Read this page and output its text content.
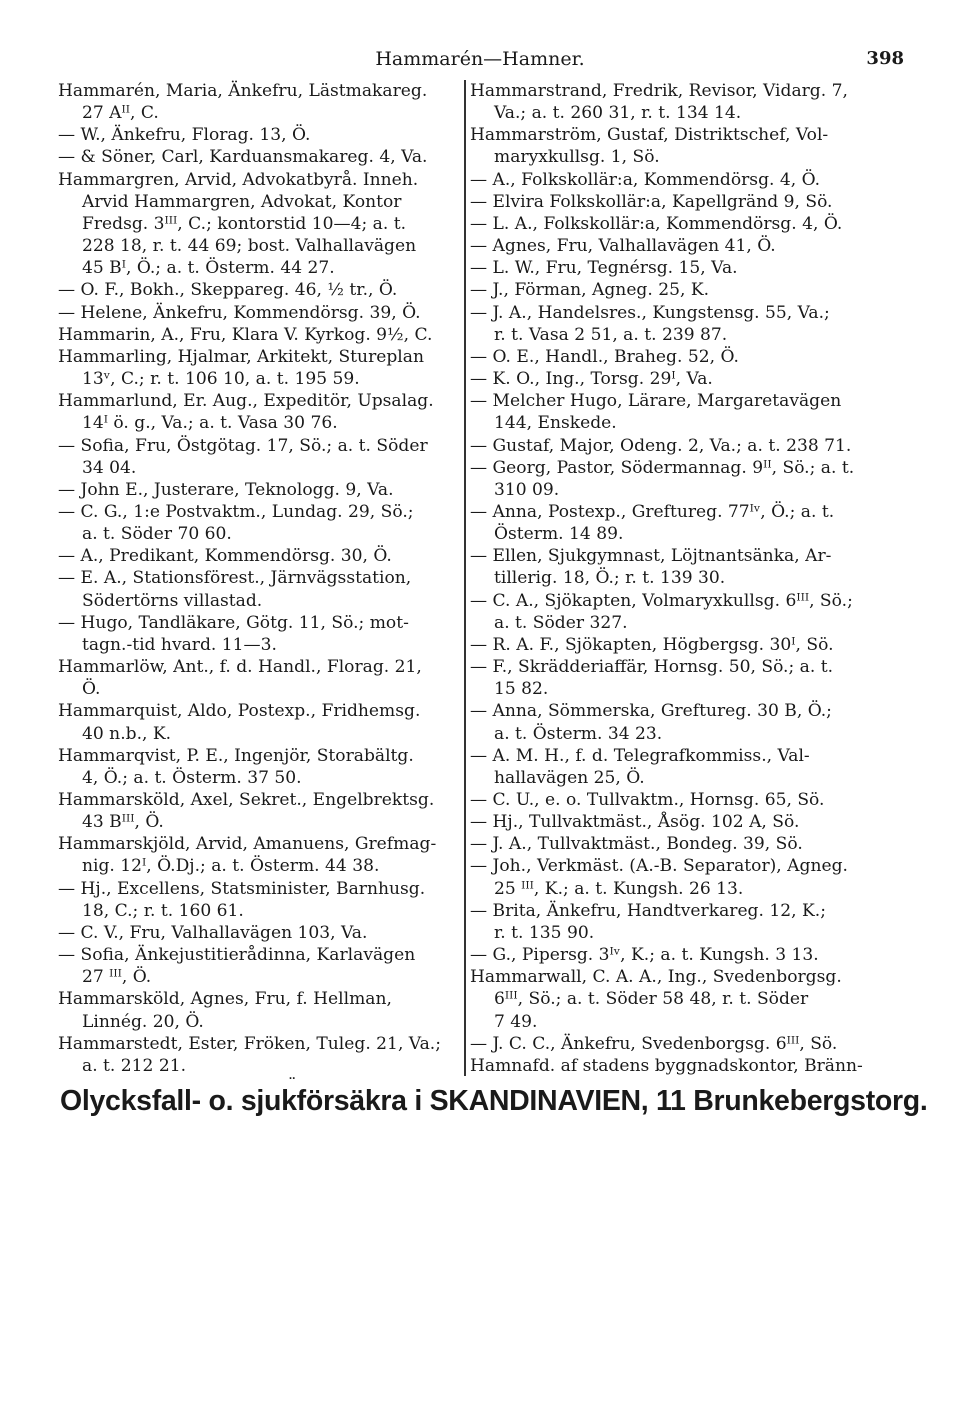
Hammarén—Hamner.	398
Hammarén, Maria, Änkefru, Lästmakareg.
27 Aᴵᴵ, C.
— W., Änkefru, Florag. 13, Ö.
— & Söner, Carl, Karduansmakareg. 4, Va.
Hammargren, Arvid, Advokatbyrå. Inneh.
Arvid Hammargren, Advokat, Kontor
Fredsg. 3ᴵᴵᴵ, C.; kontorstid 10—4; a. t.
228 18, r. t. 44 69; bost. Valhallavägen
45 Bᴵ, Ö.; a. t. Österm. 44 27.
— O. F., Bokh., Skeppareg. 46, ½ tr., Ö.
— Helene, Änkefru, Kommendörsg. 39, Ö.
Hammarin, A., Fru, Klara V. Kyrkog. 9½, C.
Hammarling, Hjalmar, Arkitekt, Stureplan
13ᵛ, C.; r. t. 106 10, a. t. 195 59.
Hammarlund, Er. Aug., Expeditör, Upsalag.
14ᴵ ö. g., Va.; a. t. Vasa 30 76.
— Sofia, Fru, Östgötag. 17, Sö.; a. t. Söder
34 04.
— John E., Justerare, Teknologg. 9, Va.
— C. G., 1:e Postvaktm., Lundag. 29, Sö.;
a. t. Söder 70 60.
— A., Predikant, Kommendörsg. 30, Ö.
— E. A., Stationsförest., Järnvägsstation,
Södertörns villastad.
— Hugo, Tandläkare, Götg. 11, Sö.; mot-
tagn.-tid hvard. 11—3.
Hammarlöw, Ant., f. d. Handl., Florag. 21,
Ö.
Hammarquist, Aldo, Postexp., Fridhemsg.
40 n.b., K.
Hammarqvist, P. E., Ingenjör, Storabältg.
4, Ö.; a. t. Österm. 37 50.
Hammarsköld, Axel, Sekret., Engelbrektsg.
43 Bᴵᴵᴵ, Ö.
Hammarskjöld, Arvid, Amanuens, Grefmag-
nig. 12ᴵ, Ö.Dj.; a. t. Österm. 44 38.
— Hj., Excellens, Statsminister, Barnhusg.
18, C.; r. t. 160 61.
— C. V., Fru, Valhallavägen 103, Va.
— Sofia, Änkejustitierådinna, Karlavägen
27 ᴵᴵᴵ, Ö.
Hammarsköld, Agnes, Fru, f. Hellman,
Linnég. 20, Ö.
Hammarstedt, Ester, Fröken, Tuleg. 21, Va.;
a. t. 212 21.
Hammarstrand, Fredrik, Revisor, Vidarg. 7,
Va.; a. t. 260 31, r. t. 134 14.
Hammarström, Gustaf, Distriktschef, Vol-
maryxkullsg. 1, Sö.
— A., Folkskollär:a, Kommendörsg. 4, Ö.
— Elvira Folkskollär:a, Kapellgränd 9, Sö.
— L. A., Folkskollär:a, Kommendörsg. 4, Ö.
— Agnes, Fru, Valhallavägen 41, Ö.
— L. W., Fru, Tegnérsg. 15, Va.
— J., Förman, Agneg. 25, K.
— J. A., Handelsres., Kungstensg. 55, Va.;
r. t. Vasa 2 51, a. t. 239 87.
— O. E., Handl., Braheg. 52, Ö.
— K. O., Ing., Torsg. 29ᴵ, Va.
— Melcher Hugo, Lärare, Margaretavägen
144, Enskede.
— Gustaf, Major, Odeng. 2, Va.; a. t. 238 71.
— Georg, Pastor, Södermannag. 9ᴵᴵ, Sö.; a. t.
310 09.
— Anna, Postexp., Greftureg. 77ᴵᵛ, Ö.; a. t.
Österm. 14 89.
— Ellen, Sjukgymnast, Löjtnantsänka, Ar-
tillerig. 18, Ö.; r. t. 139 30.
— C. A., Sjökapten, Volmaryxkullsg. 6ᴵᴵᴵ, Sö.;
a. t. Söder 327.
— R. A. F., Sjökapten, Högbergsg. 30ᴵ, Sö.
— F., Skrädderiaffär, Hornsg. 50, Sö.; a. t.
15 82.
— Anna, Sömmerska, Greftureg. 30 B, Ö.;
a. t. Österm. 34 23.
— A. M. H., f. d. Telegrafkommiss., Val-
hallavägen 25, Ö.
— C. U., e. o. Tullvaktm., Hornsg. 65, Sö.
— Hj., Tullvaktmäst., Åsög. 102 A, Sö.
— J. A., Tullvaktmäst., Bondeg. 39, Sö.
— Joh., Verkmäst. (A.-B. Separator), Agneg.
25 ᴵᴵᴵ, K.; a. t. Kungsh. 26 13.
— Brita, Änkefru, Handtverkareg. 12, K.;
r. t. 135 90.
— G., Pipersg. 3ᴵᵛ, K.; a. t. Kungsh. 3 13.
Hammarwall, C. A. A., Ing., Svedenborgsg.
6ᴵᴵᴵ, Sö.; a. t. Söder 58 48, r. t. Söder
7 49.
— J. C. C., Änkefru, Svedenborgsg. 6ᴵᴵᴵ, Sö.
Hamnafd. af stadens byggnadskontor, Bränn-
Olycksfall- o. sjukförsäkra i SKANDINAVIEN, 11 Brunkebergstorg.
